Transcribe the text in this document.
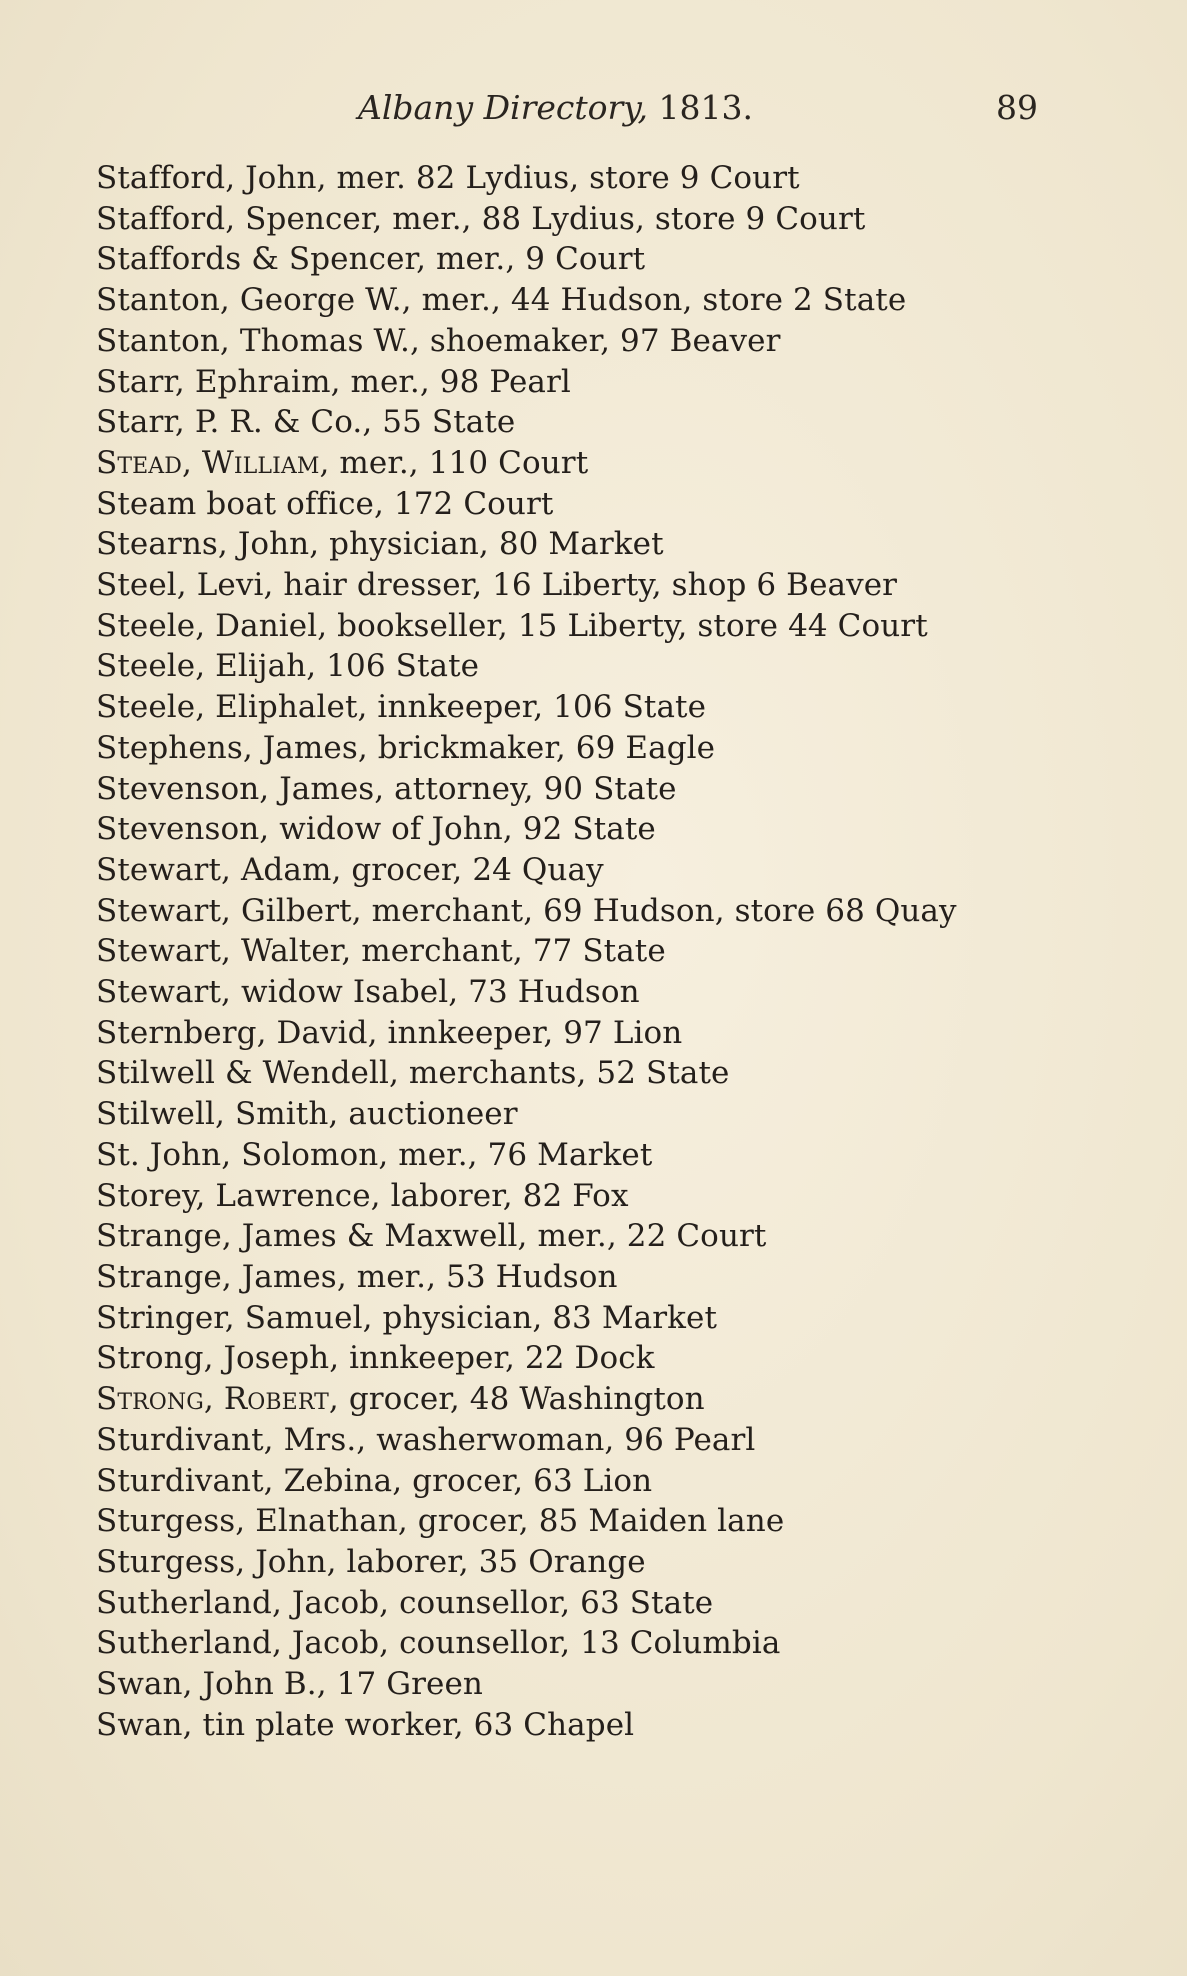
Albany Directory, 1813.	89
Stafford, John, mer. 82 Lydius, store 9 Court
Stafford, Spencer, mer., 88 Lydius, store 9 Court
Staffords & Spencer, mer., 9 Court
Stanton, George W., mer., 44 Hudson, store 2 State
Stanton, Thomas W., shoemaker, 97 Beaver
Starr, Ephraim, mer., 98 Pearl
Starr, P. R. & Co., 55 State
Stead, William, mer., 110 Court
Steam boat office, 172 Court
Stearns, John, physician, 80 Market
Steel, Levi, hair dresser, 16 Liberty, shop 6 Beaver
Steele, Daniel, bookseller, 15 Liberty, store 44 Court
Steele, Elijah, 106 State
Steele, Eliphalet, innkeeper, 106 State
Stephens, James, brickmaker, 69 Eagle
Stevenson, James, attorney, 90 State
Stevenson, widow of John, 92 State
Stewart, Adam, grocer, 24 Quay
Stewart, Gilbert, merchant, 69 Hudson, store 68 Quay
Stewart, Walter, merchant, 77 State
Stewart, widow Isabel, 73 Hudson
Sternberg, David, innkeeper, 97 Lion
Stilwell & Wendell, merchants, 52 State
Stilwell, Smith, auctioneer
St. John, Solomon, mer., 76 Market
Storey, Lawrence, laborer, 82 Fox
Strange, James & Maxwell, mer., 22 Court
Strange, James, mer., 53 Hudson
Stringer, Samuel, physician, 83 Market
Strong, Joseph, innkeeper, 22 Dock
Strong, Robert, grocer, 48 Washington
Sturdivant, Mrs., washerwoman, 96 Pearl
Sturdivant, Zebina, grocer, 63 Lion
Sturgess, Elnathan, grocer, 85 Maiden lane
Sturgess, John, laborer, 35 Orange
Sutherland, Jacob, counsellor, 63 State
Sutherland, Jacob, counsellor, 13 Columbia
Swan, John B., 17 Green
Swan, tin plate worker, 63 Chapel
